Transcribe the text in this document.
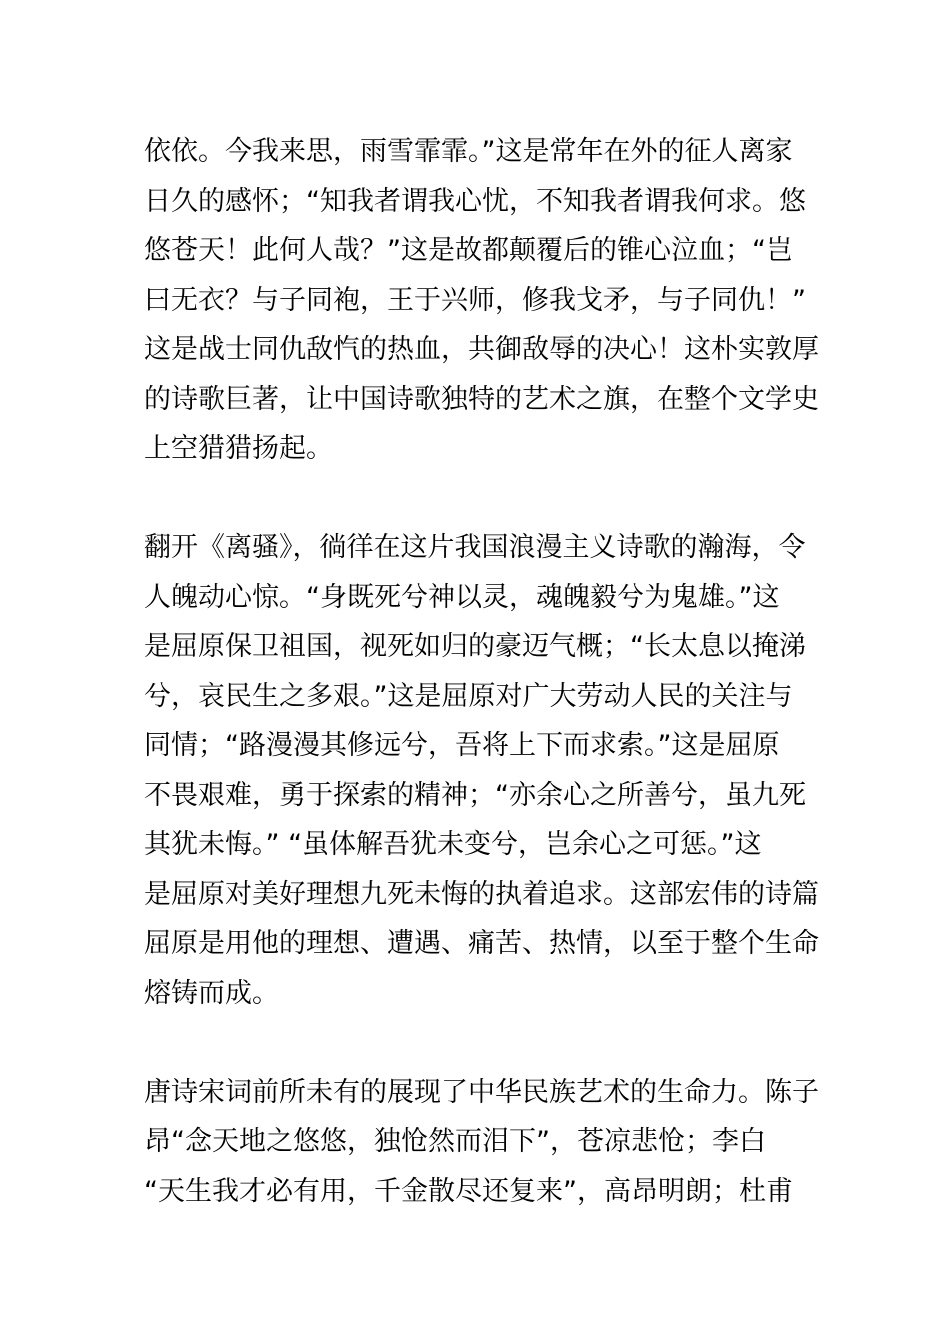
依依。今我来思，雨雪霏霏。”这是常年在外的征人离家
日久的感怀；“知我者谓我心忧，不知我者谓我何求。悠
悠苍天！此何人哉？”这是故都颠覆后的锥心泣血；“岂
曰无衣？与子同袍，王于兴师，修我戈矛，与子同仇！”
这是战士同仇敌忾的热血，共御敌辱的决心！这朴实敦厚
的诗歌巨著，让中国诗歌独特的艺术之旗，在整个文学史
上空猎猎扬起。
翻开《离骚》，徜徉在这片我国浪漫主义诗歌的瀚海，令
人魄动心惊。“身既死兮神以灵，魂魄毅兮为鬼雄。”这
是屈原保卫祖国，视死如归的豪迈气概；“长太息以掩涕
兮，哀民生之多艰。”这是屈原对广大劳动人民的关注与
同情；“路漫漫其修远兮，吾将上下而求索。”这是屈原
不畏艰难，勇于探索的精神；“亦余心之所善兮，虽九死
其犹未悔。” “虽体解吾犹未变兮，岂余心之可惩。”这
是屈原对美好理想九死未悔的执着追求。这部宏伟的诗篇
屈原是用他的理想、遭遇、痛苦、热情，以至于整个生命
熔铸而成。
唐诗宋词前所未有的展现了中华民族艺术的生命力。陈子
昂“念天地之悠悠，独怆然而泪下”，苍凉悲怆；李白
“天生我才必有用，千金散尽还复来”，高昂明朗；杜甫
